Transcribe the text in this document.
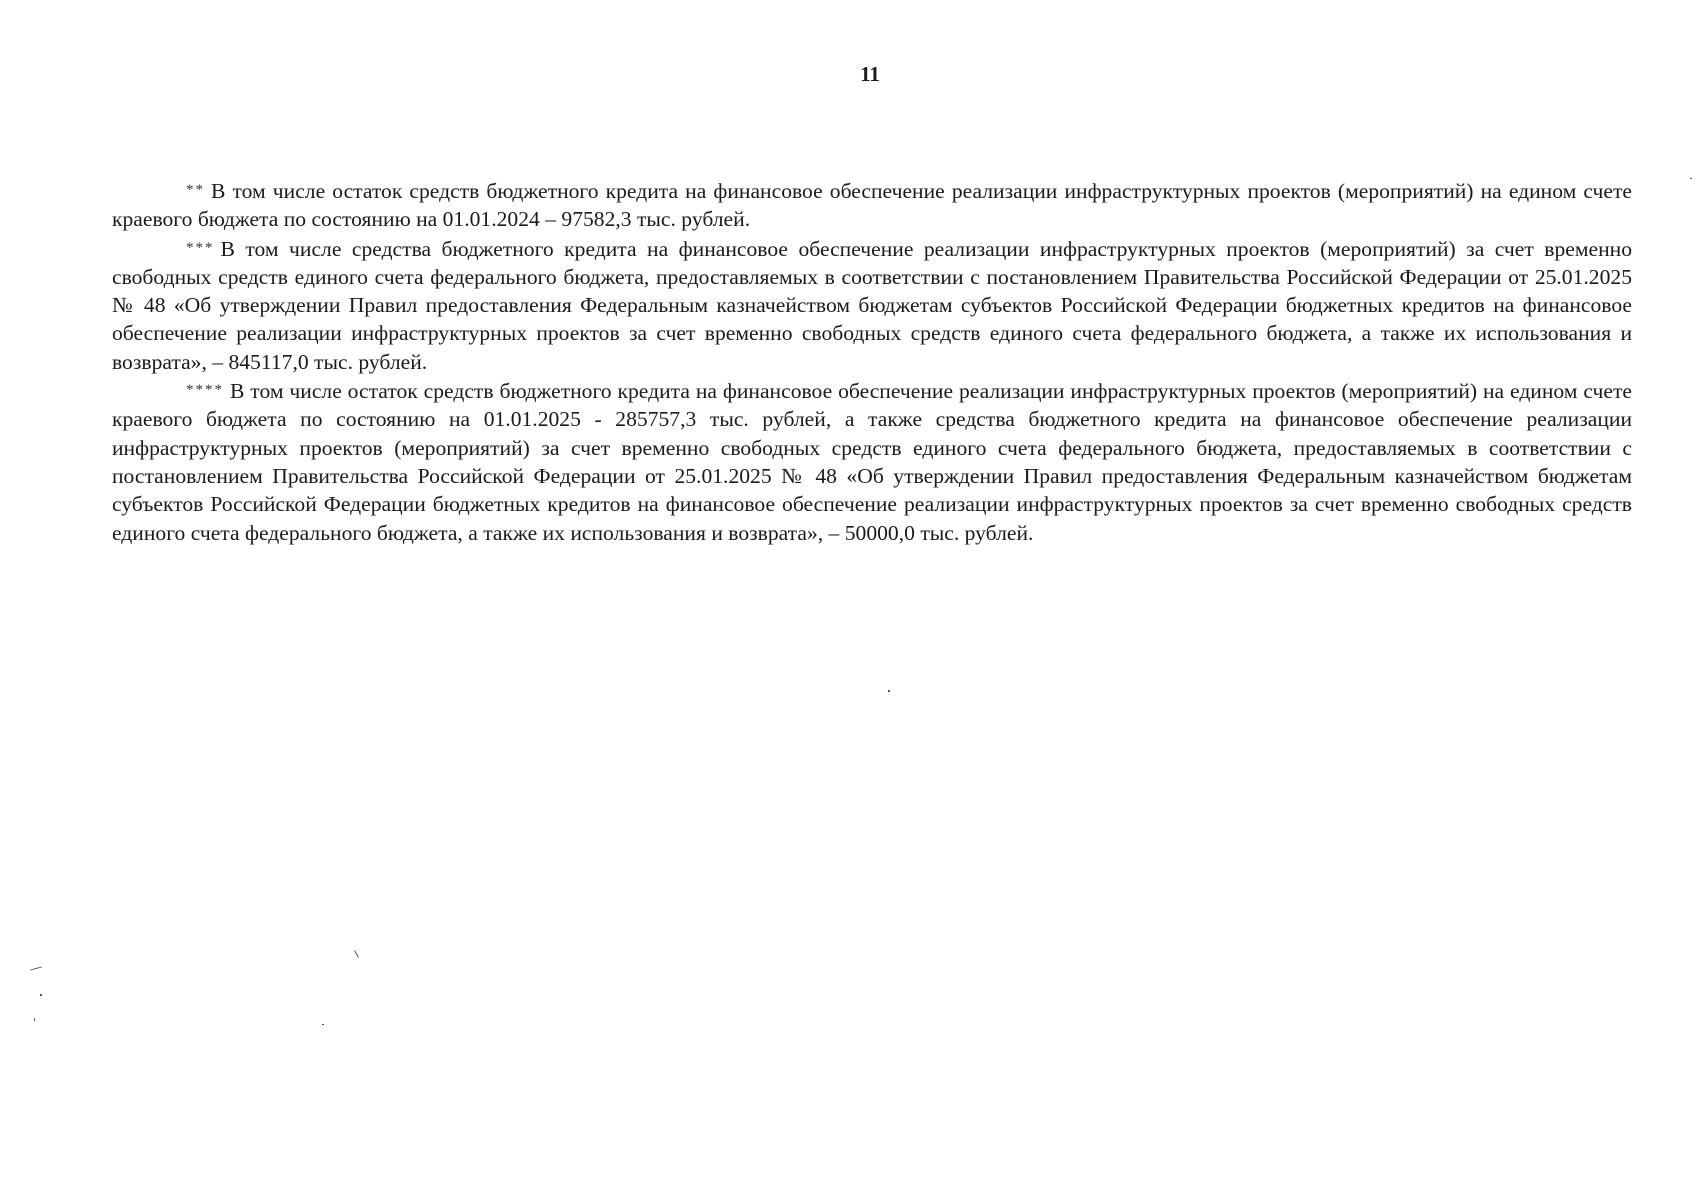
11

** В том числе остаток средств бюджетного кредита на финансовое обеспечение реализации инфраструктурных проектов (мероприятий) на едином счете краевого бюджета по состоянию на 01.01.2024 – 97582,3 тыс. рублей.

*** В том числе средства бюджетного кредита на финансовое обеспечение реализации инфраструктурных проектов (мероприятий) за счет временно свободных средств единого счета федерального бюджета, предоставляемых в соответствии с постановлением Правительства Российской Федерации от 25.01.2025 № 48 «Об утверждении Правил предоставления Федеральным казначейством бюджетам субъектов Российской Федерации бюджетных кредитов на финансовое обеспечение реализации инфраструктурных проектов за счет временно свободных средств единого счета федерального бюджета, а также их использования и возврата», – 845117,0 тыс. рублей.

**** В том числе остаток средств бюджетного кредита на финансовое обеспечение реализации инфраструктурных проектов (мероприятий) на едином счете краевого бюджета по состоянию на 01.01.2025 - 285757,3 тыс. рублей, а также средства бюджетного кредита на финансовое обеспечение реализации инфраструктурных проектов (мероприятий) за счет временно свободных средств единого счета федерального бюджета, предоставляемых в соответствии с постановлением Правительства Российской Федерации от 25.01.2025 № 48 «Об утверждении Правил предоставления Федеральным казначейством бюджетам субъектов Российской Федерации бюджетных кредитов на финансовое обеспечение реализации инфраструктурных проектов за счет временно свободных средств единого счета федерального бюджета, а также их использования и возврата», – 50000,0 тыс. рублей.
